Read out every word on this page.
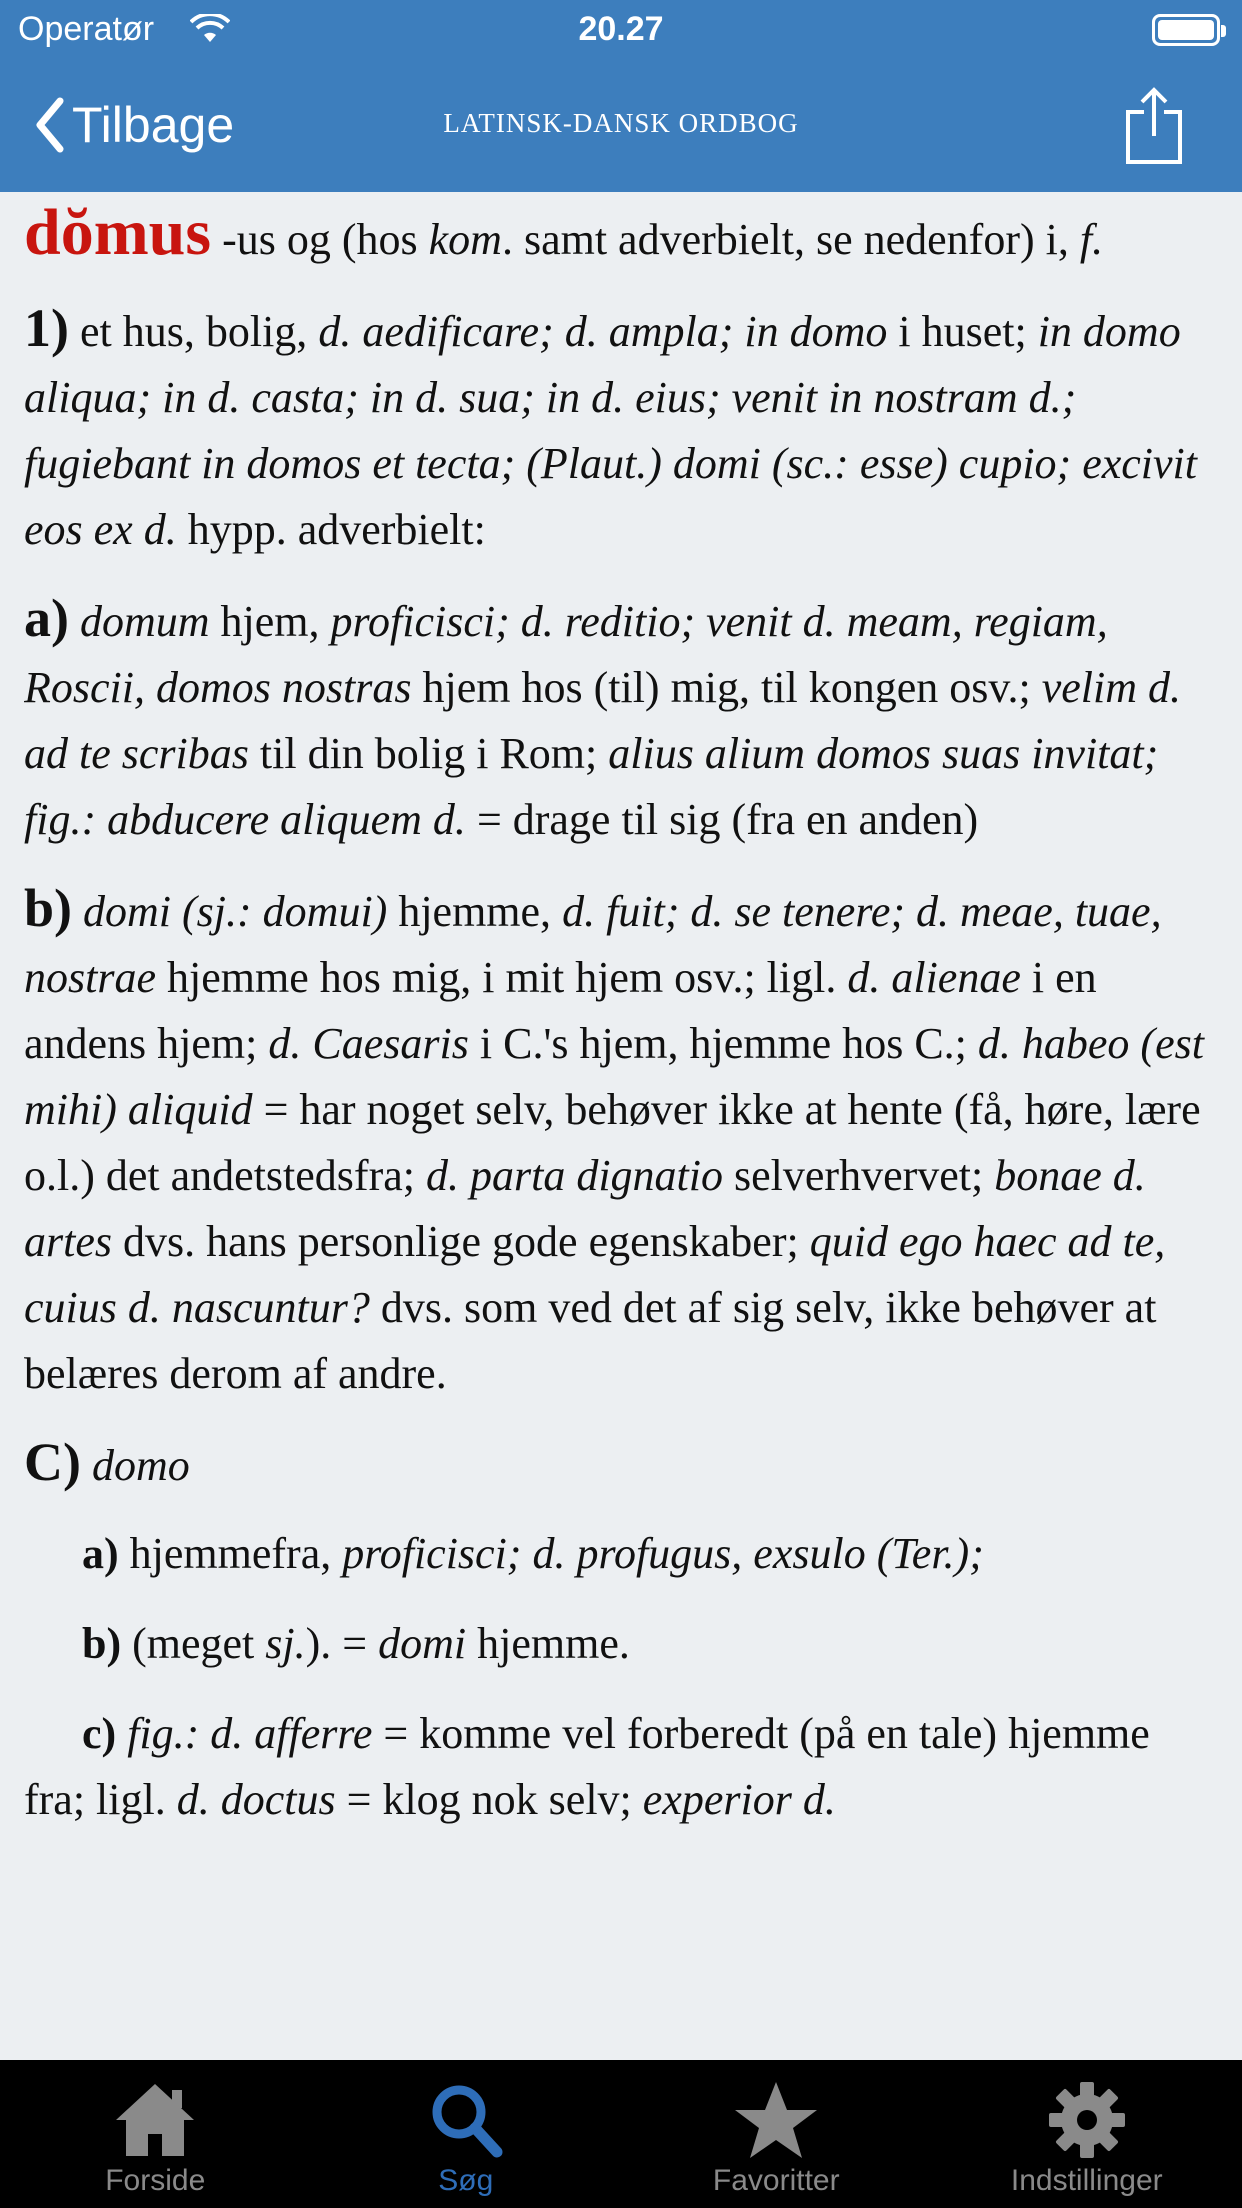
Operatør	20.27
Tilbage	LATINSK-DANSK ORDBOG

dŏmus -us og (hos kom. samt adverbielt, se nedenfor) i, f.

1) et hus, bolig, d. aedificare; d. ampla; in domo i huset; in domo aliqua; in d. casta; in d. sua; in d. eius; venit in nostram d.; fugiebant in domos et tecta; (Plaut.) domi (sc.: esse) cupio; excivit eos ex d. hypp. adverbielt:

a) domum hjem, proficisci; d. reditio; venit d. meam, regiam, Roscii, domos nostras hjem hos (til) mig, til kongen osv.; velim d. ad te scribas til din bolig i Rom; alius alium domos suas invitat; fig.: abducere aliquem d. = drage til sig (fra en anden)

b) domi (sj.: domui) hjemme, d. fuit; d. se tenere; d. meae, tuae, nostrae hjemme hos mig, i mit hjem osv.; ligl. d. alienae i en andens hjem; d. Caesaris i C.'s hjem, hjemme hos C.; d. habeo (est mihi) aliquid = har noget selv, behøver ikke at hente (få, høre, lære o.l.) det andetstedsfra; d. parta dignatio selverhvervet; bonae d. artes dvs. hans personlige gode egenskaber; quid ego haec ad te, cuius d. nascuntur? dvs. som ved det af sig selv, ikke behøver at belæres derom af andre.

C) domo

a) hjemmefra, proficisci; d. profugus, exsulo (Ter.);

b) (meget sj.). = domi hjemme.

c) fig.: d. afferre = komme vel forberedt (på en tale) hjemme fra; ligl. d. doctus = klog nok selv; experior d.

Forside	Søg	Favoritter	Indstillinger
